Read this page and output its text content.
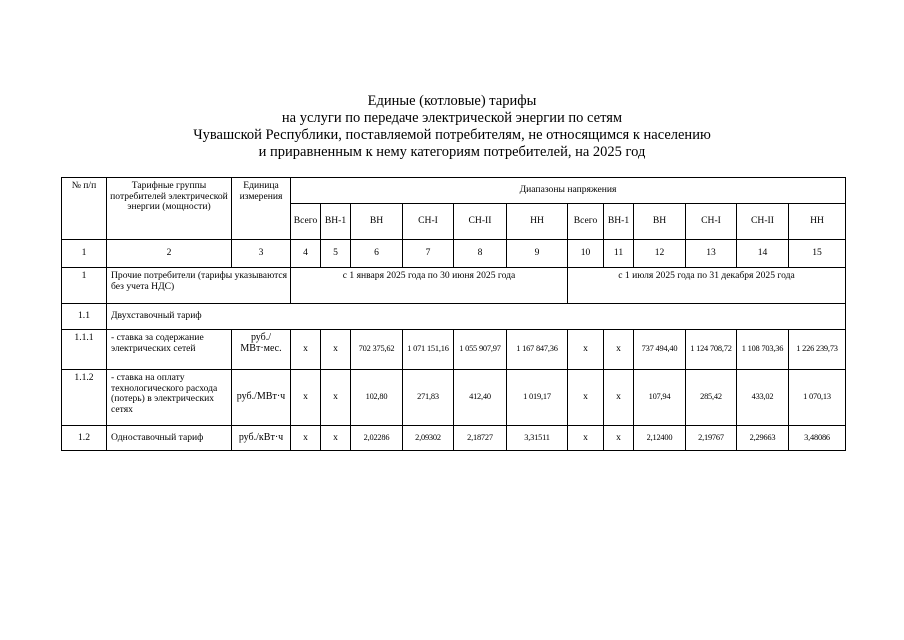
Единые (котловые) тарифы
на услуги по передаче электрической энергии по сетям
Чувашской Республики, поставляемой потребителям, не относящимся к населению
и приравненным к нему категориям потребителей, на 2025 год
№ п/п	Тарифные группы потребителей электрической энергии (мощности)	Единица измерения	Диапазоны напряжения											
			Всего	ВН-1	ВН	СН-I	СН-II	НН	Всего	ВН-1	ВН	СН-I	СН-II	НН
1	2	3	4	5	6	7	8	9	10	11	12	13	14	15
1	Прочие потребители (тарифы указываются без учета НДС)		с 1 января 2025 года по 30 июня 2025 года						с 1 июля 2025 года по 31 декабря 2025 года					
1.1	Двухставочный тариф													
1.1.1	- ставка за содержание электрических сетей	руб./МВт·мес.	x	x	702 375,62	1 071 151,16	1 055 907,97	1 167 847,36	x	x	737 494,40	1 124 708,72	1 108 703,36	1 226 239,73
1.1.2	- ставка на оплату технологического расхода (потерь) в электрических сетях	руб./МВт·ч	x	x	102,80	271,83	412,40	1 019,17	x	x	107,94	285,42	433,02	1 070,13
1.2	Одноставочный тариф	руб./кВт·ч	x	x	2,02286	2,09302	2,18727	3,31511	x	x	2,12400	2,19767	2,29663	3,48086
